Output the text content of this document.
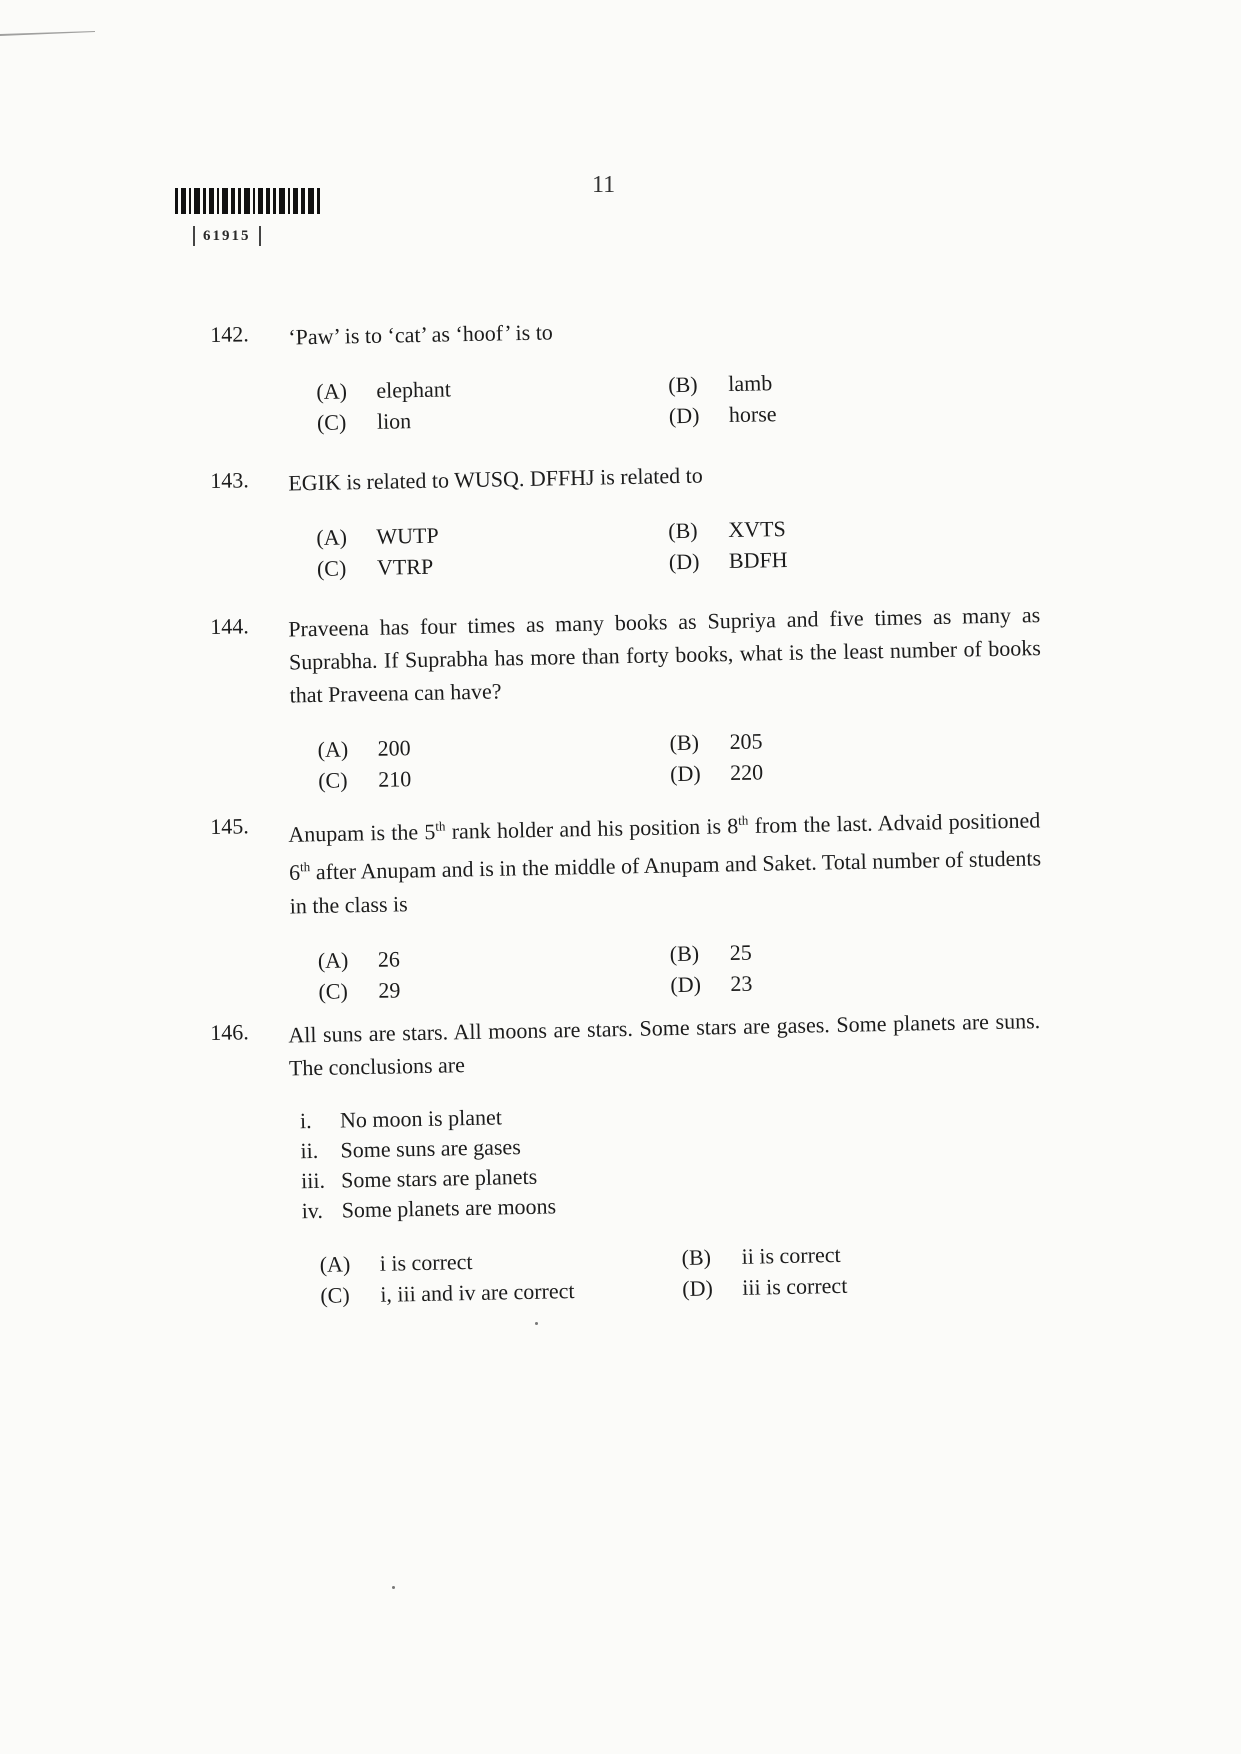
11
61915
142. ‘Paw’ is to ‘cat’ as ‘hoof’ is to
(A) elephant	(B) lamb
(C) lion	(D) horse
143. EGIK is related to WUSQ. DFFHJ is related to
(A) WUTP	(B) XVTS
(C) VTRP	(D) BDFH
144. Praveena has four times as many books as Supriya and five times as many as Suprabha. If Suprabha has more than forty books, what is the least number of books that Praveena can have?
(A) 200	(B) 205
(C) 210	(D) 220
145. Anupam is the 5th rank holder and his position is 8th from the last. Advaid positioned 6th after Anupam and is in the middle of Anupam and Saket. Total number of students in the class is
(A) 26	(B) 25
(C) 29	(D) 23
146. All suns are stars. All moons are stars. Some stars are gases. Some planets are suns. The conclusions are
i. No moon is planet
ii. Some suns are gases
iii. Some stars are planets
iv. Some planets are moons
(A) i is correct	(B) ii is correct
(C) i, iii and iv are correct	(D) iii is correct
